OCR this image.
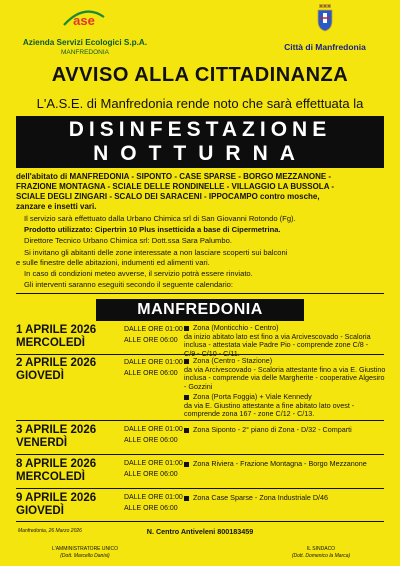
ase
Azienda Servizi Ecologici S.p.A.
MANFREDONIA
Città di Manfredonia
AVVISO ALLA CITTADINANZA
L'A.S.E. di Manfredonia rende noto che sarà effettuata la
DISINFESTAZIONE
NOTTURNA
dell'abitato di MANFREDONIA - SIPONTO - CASE SPARSE - BORGO MEZZANONE -
FRAZIONE MONTAGNA - SCIALE DELLE RONDINELLE - VILLAGGIO LA BUSSOLA -
SCIALE DEGLI ZINGARI - SCALO DEI SARACENI - IPPOCAMPO contro mosche,
zanzare e insetti vari.
Il servizio sarà effettuato dalla Urbano Chimica srl di San Giovanni Rotondo (Fg).
Prodotto utilizzato: Cipertrin 10 Plus insetticida a base di Cipermetrina.
Direttore Tecnico Urbano Chimica srl: Dott.ssa Sara Palumbo.
Si invitano gli abitanti delle zone interessate a non lasciare scoperti sui balconi
e sulle finestre delle abitazioni, indumenti ed alimenti vari.
In caso di condizioni meteo avverse, il servizio potrà essere rinviato.
Gli interventi saranno eseguiti secondo il seguente calendario:
MANFREDONIA
1 APRILE 2026
MERCOLEDÌ
DALLE ORE 01:00
ALLE ORE 06:00
Zona (Monticchio - Centro)
da inizio abitato lato est fino a via Arcivescovado - Scaloria
inclusa - attestata viale Padre Pio - comprende zone C/8 -
C/9 - C/10 - C/11.
2 APRILE 2026
GIOVEDÌ
DALLE ORE 01:00
ALLE ORE 06:00
Zona (Centro - Stazione)
da via Arcivescovado - Scaloria attestante fino a via E. Giustino
inclusa - comprende via delle Margherite - cooperative Algesiro
- Gozzini
Zona (Porta Foggia) + Viale Kennedy
da via E. Giustino attestante a fine abitato lato ovest -
comprende zona 167 - zone C/12 - C/13.
3 APRILE 2026
VENERDÌ
DALLE ORE 01:00
ALLE ORE 06:00
Zona Siponto - 2° piano di Zona - D/32 - Comparti
8 APRILE 2026
MERCOLEDÌ
DALLE ORE 01:00
ALLE ORE 06:00
Zona Riviera - Frazione Montagna - Borgo Mezzanone
9 APRILE 2026
GIOVEDÌ
DALLE ORE 01:00
ALLE ORE 06:00
Zona Case Sparse - Zona Industriale D/46
Manfredonia, 26 Marzo 2026	N. Centro Antiveleni 800183459
L'AMMINISTRATORE UNICO
(Dott. Marcello Danisi)
IL SINDACO
(Dott. Domenico la Marca)
